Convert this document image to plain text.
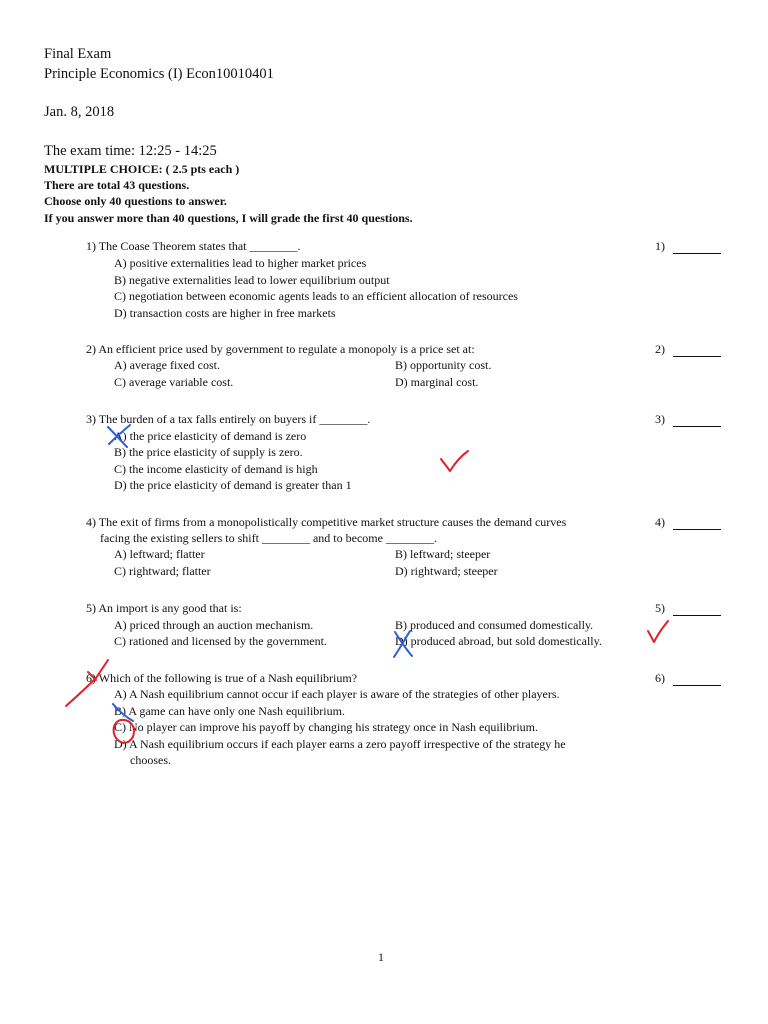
Final Exam
Principle Economics (I) Econ10010401
Jan. 8, 2018
The exam time: 12:25 - 14:25
MULTIPLE CHOICE: ( 2.5 pts each )
There are total 43 questions.
Choose only 40 questions to answer.
If you answer more than 40 questions, I will grade the first 40 questions.
1) The Coase Theorem states that ________.	1)
A) positive externalities lead to higher market prices
B) negative externalities lead to lower equilibrium output
C) negotiation between economic agents leads to an efficient allocation of resources
D) transaction costs are higher in free markets
2) An efficient price used by government to regulate a monopoly is a price set at:	2)
A) average fixed cost.	B) opportunity cost.
C) average variable cost.	D) marginal cost.
3) The burden of a tax falls entirely on buyers if ________.	3)
A) the price elasticity of demand is zero
B) the price elasticity of supply is zero.
C) the income elasticity of demand is high
D) the price elasticity of demand is greater than 1
4) The exit of firms from a monopolistically competitive market structure causes the demand curves
facing the existing sellers to shift ________ and to become ________.
4)
A) leftward; flatter	B) leftward; steeper
C) rightward; flatter	D) rightward; steeper
5) An import is any good that is:	5)
A) priced through an auction mechanism.	B) produced and consumed domestically.
C) rationed and licensed by the government.	D) produced abroad, but sold domestically.
6) Which of the following is true of a Nash equilibrium?	6)
A) A Nash equilibrium cannot occur if each player is aware of the strategies of other players.
B) A game can have only one Nash equilibrium.
C) No player can improve his payoff by changing his strategy once in Nash equilibrium.
D) A Nash equilibrium occurs if each player earns a zero payoff irrespective of the strategy he
chooses.
1
